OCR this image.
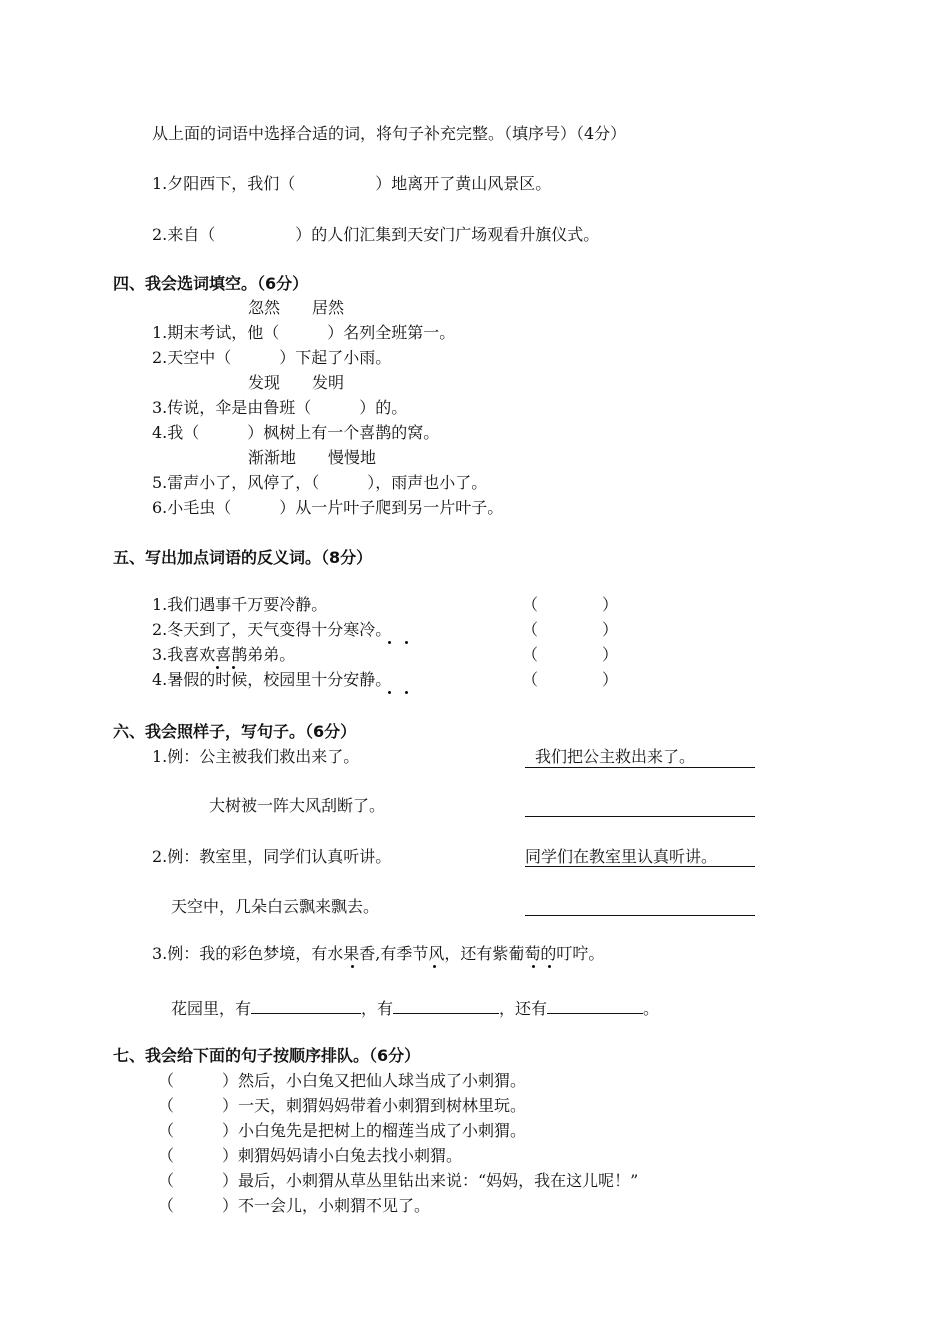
从上面的词语中选择合适的词，将句子补充完整。（填序号）（4分）
1.夕阳西下，我们（　　　　　）地离开了黄山风景区。
2.来自（　　　　　）的人们汇集到天安门广场观看升旗仪式。
四、我会选词填空。（6分）
忽然　　居然
1.期末考试，他（　　　）名列全班第一。
2.天空中（　　　）下起了小雨。
发现　　发明
3.传说，伞是由鲁班（　　　）的。
4.我（　　　）枫树上有一个喜鹊的窝。
渐渐地　　慢慢地
5.雷声小了，风停了，（　　　），雨声也小了。
6.小毛虫（　　　）从一片叶子爬到另一片叶子。
五、写出加点词语的反义词。（8分）
1.我们遇事千万要冷静。	（　　　　）
2.冬天到了，天气变得十分寒冷。	（　　　　）
3.我喜欢喜鹊弟弟。	（　　　　）
4.暑假的时候，校园里十分安静。	（　　　　）
六、我会照样子，写句子。（6分）
1.例：公主被我们救出来了。	我们把公主救出来了。
大树被一阵大风刮断了。
2.例：教室里，同学们认真听讲。	同学们在教室里认真听讲。
天空中，几朵白云飘来飘去。
3.例：我的彩色梦境，有水果香,有季节风，还有紫葡萄的叮咛。
花园里，有	，有	，还有	。
七、我会给下面的句子按顺序排队。（6分）
（　　　）然后，小白兔又把仙人球当成了小刺猬。
（　　　）一天，刺猬妈妈带着小刺猬到树林里玩。
（　　　）小白兔先是把树上的榴莲当成了小刺猬。
（　　　）刺猬妈妈请小白兔去找小刺猬。
（　　　）最后，小刺猬从草丛里钻出来说：“妈妈，我在这儿呢！”
（　　　）不一会儿，小刺猬不见了。
